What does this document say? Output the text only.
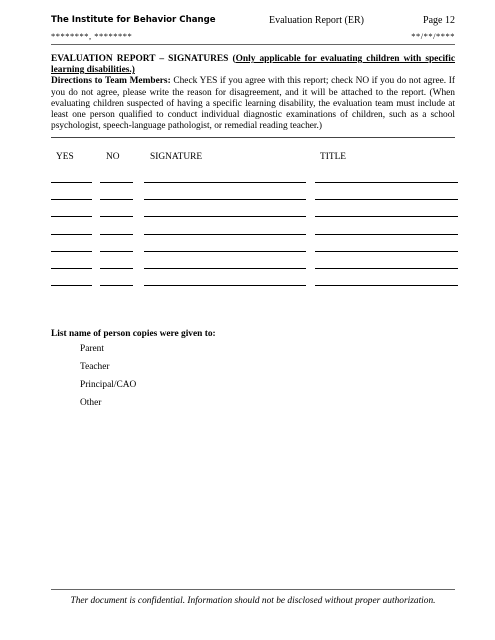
The Institute for Behavior Change	Evaluation Report (ER)	Page 12
********, ********	**/**/****
EVALUATION REPORT – SIGNATURES (Only applicable for evaluating children with specific learning disabilities.)
Directions to Team Members: Check YES if you agree with this report; check NO if you do not agree. If you do not agree, please write the reason for disagreement, and it will be attached to the report. (When evaluating children suspected of having a specific learning disability, the evaluation team must include at least one person qualified to conduct individual diagnostic examinations of children, such as a school psychologist, speech-language pathologist, or remedial reading teacher.)
YES	NO	SIGNATURE	TITLE
List name of person copies were given to:
Parent
Teacher
Principal/CAO
Other
Ther document is confidential. Information should not be disclosed without proper authorization.
